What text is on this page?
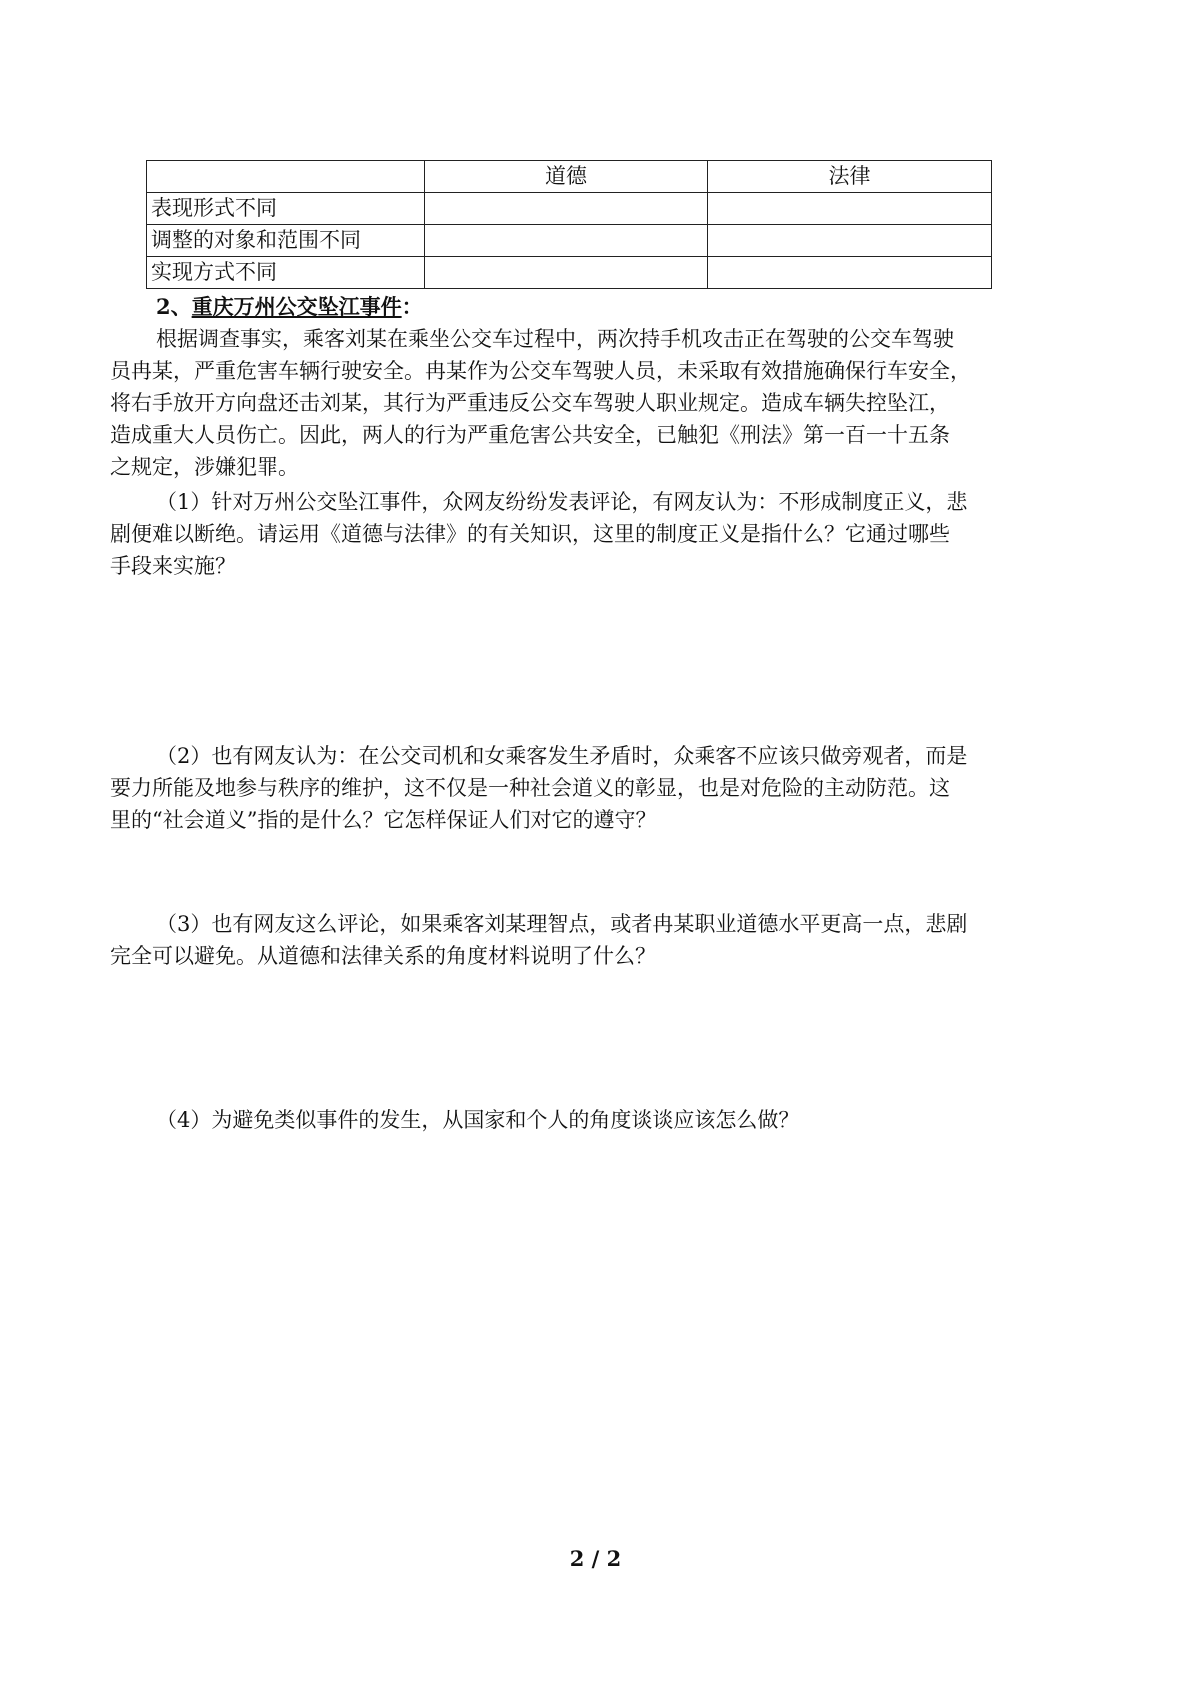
	道德	法律
表现形式不同		
调整的对象和范围不同		
实现方式不同		
2、重庆万州公交坠江事件：
根据调查事实，乘客刘某在乘坐公交车过程中，两次持手机攻击正在驾驶的公交车驾驶
员冉某，严重危害车辆行驶安全。冉某作为公交车驾驶人员，未采取有效措施确保行车安全，
将右手放开方向盘还击刘某，其行为严重违反公交车驾驶人职业规定。造成车辆失控坠江，
造成重大人员伤亡。因此，两人的行为严重危害公共安全，已触犯《刑法》第一百一十五条
之规定，涉嫌犯罪。
（1）针对万州公交坠江事件，众网友纷纷发表评论，有网友认为：不形成制度正义，悲
剧便难以断绝。请运用《道德与法律》的有关知识，这里的制度正义是指什么？它通过哪些
手段来实施？
（2）也有网友认为：在公交司机和女乘客发生矛盾时，众乘客不应该只做旁观者，而是
要力所能及地参与秩序的维护，这不仅是一种社会道义的彰显，也是对危险的主动防范。这
里的“社会道义”指的是什么？它怎样保证人们对它的遵守？
（3）也有网友这么评论，如果乘客刘某理智点，或者冉某职业道德水平更高一点，悲剧
完全可以避免。从道德和法律关系的角度材料说明了什么？
（4）为避免类似事件的发生，从国家和个人的角度谈谈应该怎么做？
2 / 2
